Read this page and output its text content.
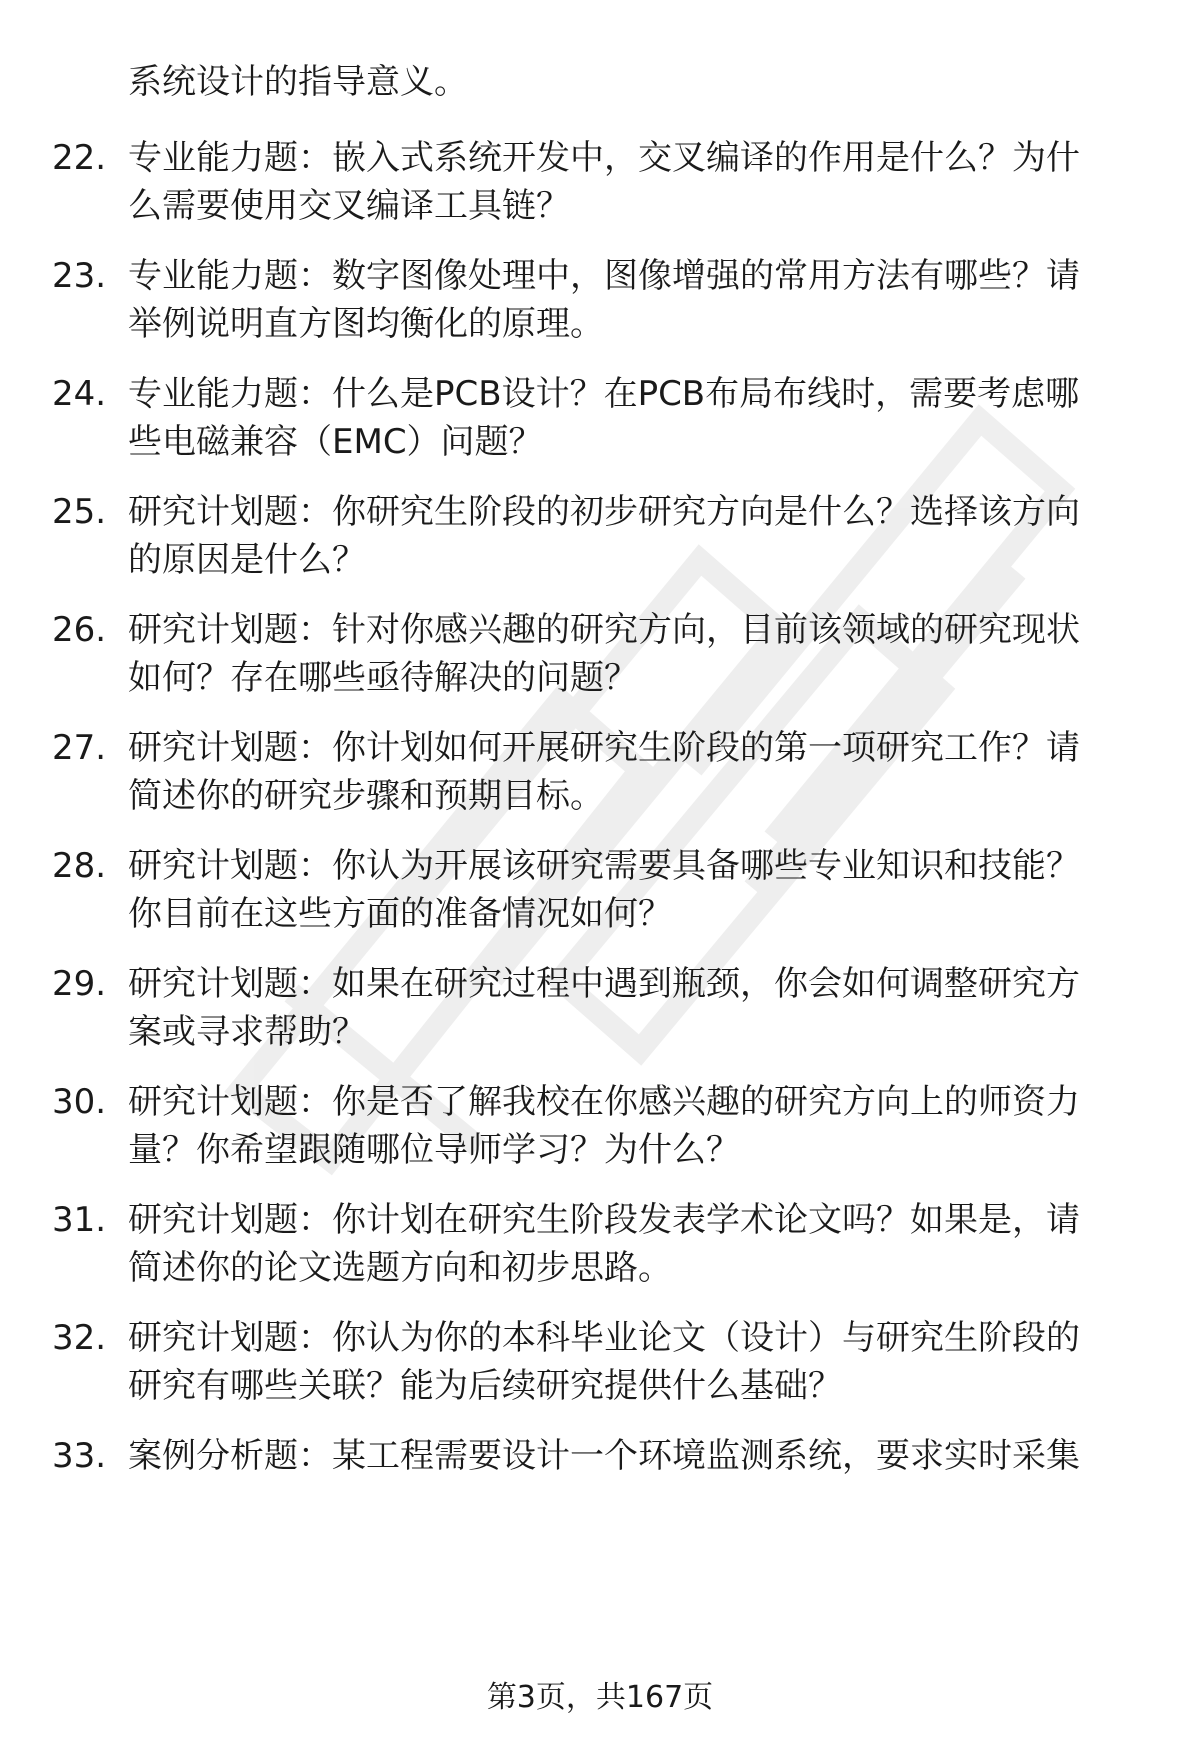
系统设计的指导意义。
22. 专业能力题：嵌入式系统开发中，交叉编译的作用是什么？为什
么需要使用交叉编译工具链？
23. 专业能力题：数字图像处理中，图像增强的常用方法有哪些？请
举例说明直方图均衡化的原理。
24. 专业能力题：什么是PCB设计？在PCB布局布线时，需要考虑哪
些电磁兼容（EMC）问题？
25. 研究计划题：你研究生阶段的初步研究方向是什么？选择该方向
的原因是什么？
26. 研究计划题：针对你感兴趣的研究方向，目前该领域的研究现状
如何？存在哪些亟待解决的问题？
27. 研究计划题：你计划如何开展研究生阶段的第一项研究工作？请
简述你的研究步骤和预期目标。
28. 研究计划题：你认为开展该研究需要具备哪些专业知识和技能？
你目前在这些方面的准备情况如何？
29. 研究计划题：如果在研究过程中遇到瓶颈，你会如何调整研究方
案或寻求帮助？
30. 研究计划题：你是否了解我校在你感兴趣的研究方向上的师资力
量？你希望跟随哪位导师学习？为什么？
31. 研究计划题：你计划在研究生阶段发表学术论文吗？如果是，请
简述你的论文选题方向和初步思路。
32. 研究计划题：你认为你的本科毕业论文（设计）与研究生阶段的
研究有哪些关联？能为后续研究提供什么基础？
33. 案例分析题：某工程需要设计一个环境监测系统，要求实时采集
第3页，共167页
